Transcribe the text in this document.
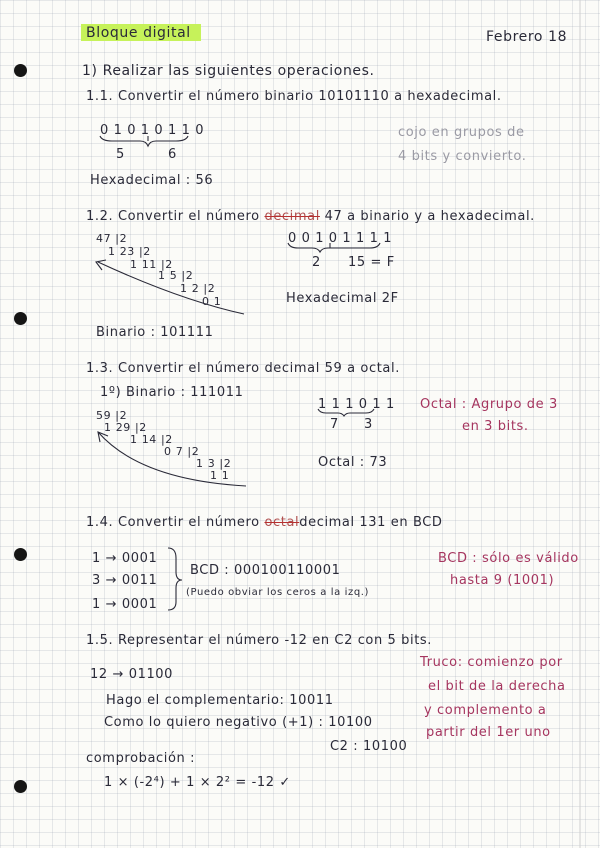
Bloque digital	Febrero 18
1) Realizar las siguientes operaciones.
1.1. Convertir el número binario 10101110 a hexadecimal.
0 1 0 1 0 1 1 0
5	6
cojo en grupos de
4 bits y convierto.
Hexadecimal : 56
1.2. Convertir el número decimal 47 a binario y a hexadecimal.
47 |2
1 23 |2
1 11 |2
1 5 |2
1 2 |2
0 1
0 0 1 0 1 1 1 1
2 15 = F
Hexadecimal 2F
Binario : 101111
1.3. Convertir el número decimal 59 a octal.
1º) Binario : 111011
59 |2
1 29 |2
1 14 |2
0 7 |2
1 3 |2
1 1
1 1 1 0 1 1
7 3
Octal : 73
Octal : Agrupo de 3
en 3 bits.
1.4. Convertir el número octaldecimal 131 en BCD
1 → 0001
3 → 0011
1 → 0001
BCD : 000100110001
(Puedo obviar los ceros a la izq.)
BCD : sólo es válido
hasta 9 (1001)
1.5. Representar el número -12 en C2 con 5 bits.
12 → 01100
Hago el complementario: 10011
Como lo quiero negativo (+1) : 10100
C2 : 10100
comprobación :
1 × (-2⁴) + 1 × 2² = -12 ✓
Truco: comienzo por
el bit de la derecha
y complemento a
partir del 1er uno
